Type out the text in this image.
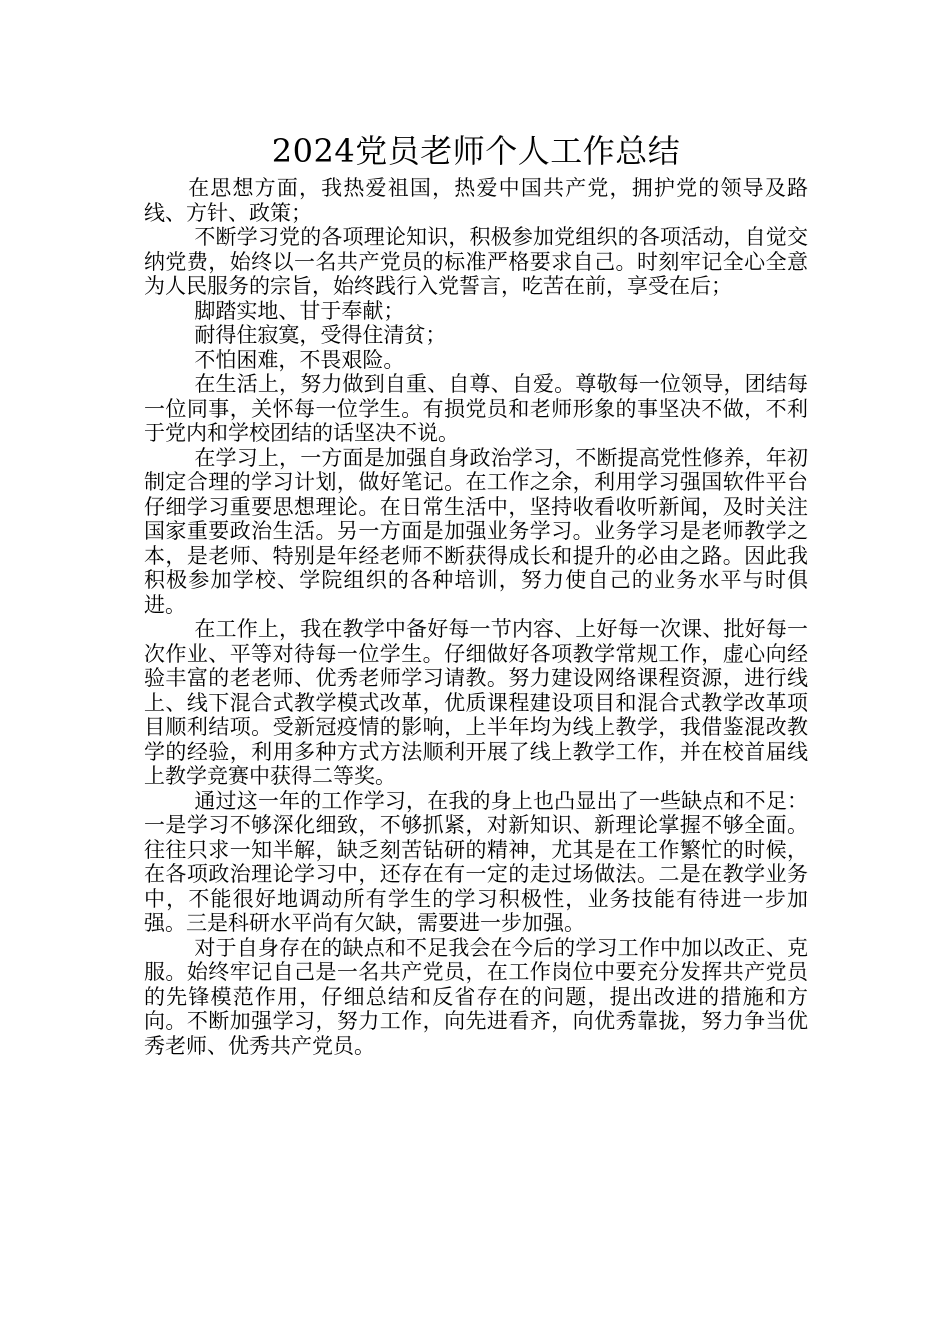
2024党员老师个人工作总结

在思想方面，我热爱祖国，热爱中国共产党，拥护党的领导及路线、方针、政策；

不断学习党的各项理论知识，积极参加党组织的各项活动，自觉交纳党费，始终以一名共产党员的标准严格要求自己。时刻牢记全心全意为人民服务的宗旨，始终践行入党誓言，吃苦在前，享受在后；

脚踏实地、甘于奉献；

耐得住寂寞，受得住清贫；

不怕困难，不畏艰险。

在生活上，努力做到自重、自尊、自爱。尊敬每一位领导，团结每一位同事，关怀每一位学生。有损党员和老师形象的事坚决不做，不利于党内和学校团结的话坚决不说。

在学习上，一方面是加强自身政治学习，不断提高党性修养，年初制定合理的学习计划，做好笔记。在工作之余，利用学习强国软件平台仔细学习重要思想理论。在日常生活中，坚持收看收听新闻，及时关注国家重要政治生活。另一方面是加强业务学习。业务学习是老师教学之本，是老师、特别是年经老师不断获得成长和提升的必由之路。因此我积极参加学校、学院组织的各种培训，努力使自己的业务水平与时俱进。

在工作上，我在教学中备好每一节内容、上好每一次课、批好每一次作业、平等对待每一位学生。仔细做好各项教学常规工作，虚心向经验丰富的老老师、优秀老师学习请教。努力建设网络课程资源，进行线上、线下混合式教学模式改革，优质课程建设项目和混合式教学改革项目顺利结项。受新冠疫情的影响，上半年均为线上教学，我借鉴混改教学的经验，利用多种方式方法顺利开展了线上教学工作，并在校首届线上教学竞赛中获得二等奖。

通过这一年的工作学习，在我的身上也凸显出了一些缺点和不足：一是学习不够深化细致，不够抓紧，对新知识、新理论掌握不够全面。往往只求一知半解，缺乏刻苦钻研的精神，尤其是在工作繁忙的时候，在各项政治理论学习中，还存在有一定的走过场做法。二是在教学业务中，不能很好地调动所有学生的学习积极性，业务技能有待进一步加强。三是科研水平尚有欠缺，需要进一步加强。

对于自身存在的缺点和不足我会在今后的学习工作中加以改正、克服。始终牢记自己是一名共产党员，在工作岗位中要充分发挥共产党员的先锋模范作用，仔细总结和反省存在的问题，提出改进的措施和方向。不断加强学习，努力工作，向先进看齐，向优秀靠拢，努力争当优秀老师、优秀共产党员。
